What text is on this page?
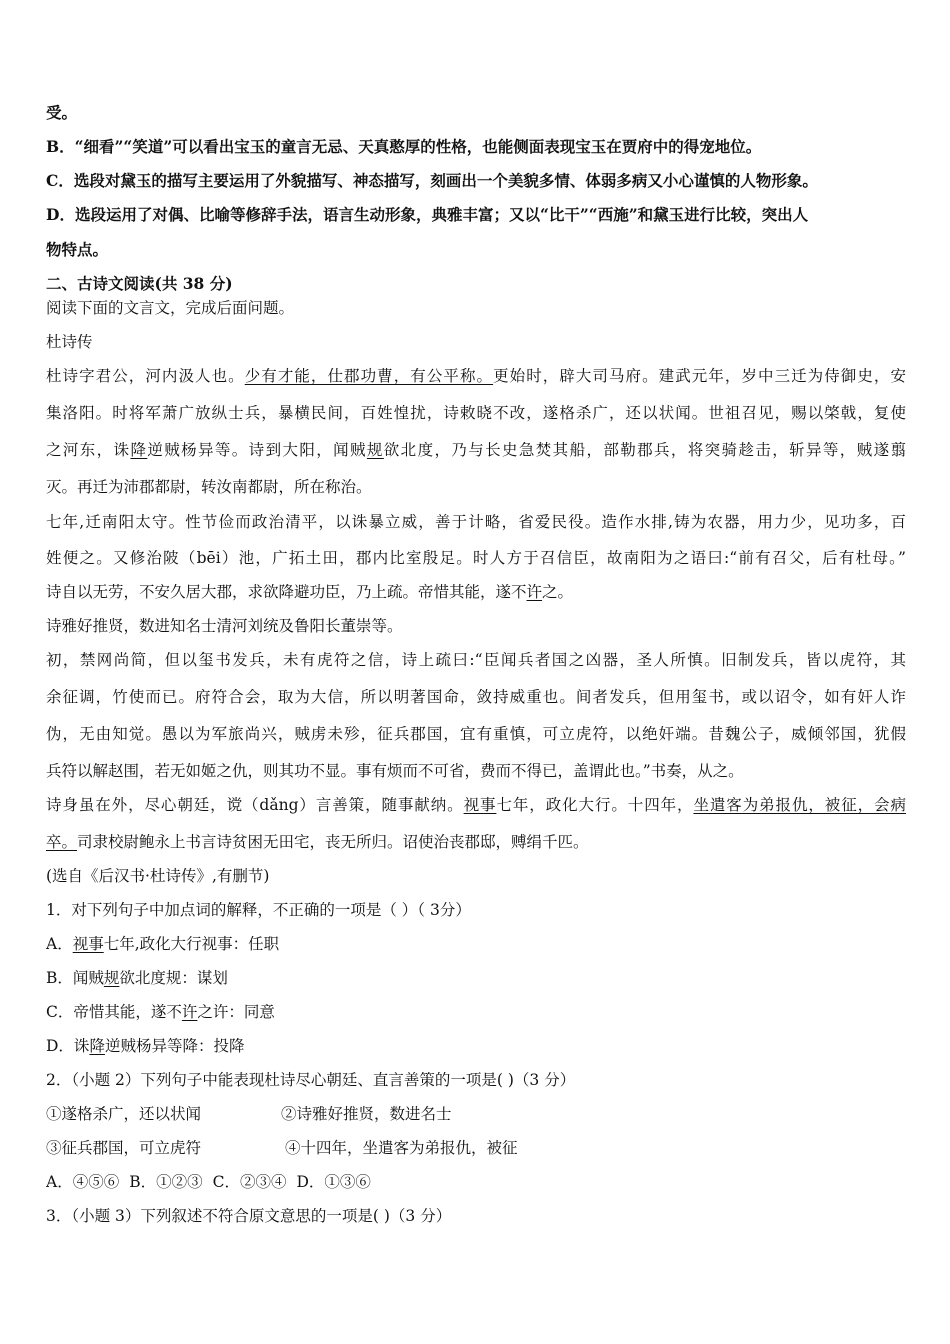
受。
B．“细看”“笑道”可以看出宝玉的童言无忌、天真憨厚的性格，也能侧面表现宝玉在贾府中的得宠地位。
C．选段对黛玉的描写主要运用了外貌描写、神态描写，刻画出一个美貌多情、体弱多病又小心谨慎的人物形象。
D．选段运用了对偶、比喻等修辞手法，语言生动形象，典雅丰富；又以“比干”“西施”和黛玉进行比较，突出人
物特点。
二、古诗文阅读(共 38 分)
阅读下面的文言文，完成后面问题。
杜诗传
杜诗字君公，河内汲人也。少有才能，仕郡功曹，有公平称。更始时，辟大司马府。建武元年，岁中三迁为侍御史，安
集洛阳。时将军萧广放纵士兵，暴横民间，百姓惶扰，诗敕晓不改，遂格杀广，还以状闻。世祖召见，赐以棨戟，复使
之河东，诛降逆贼杨异等。诗到大阳，闻贼规欲北度，乃与长史急焚其船，部勒郡兵，将突骑趁击，斩异等，贼遂翦
灭。再迁为沛郡都尉，转汝南都尉，所在称治。
七年,迁南阳太守。性节俭而政治清平，以诛暴立威，善于计略，省爱民役。造作水排,铸为农器，用力少，见功多，百
姓便之。又修治陂（bēi）池，广拓土田，郡内比室殷足。时人方于召信臣，故南阳为之语曰:“前有召父，后有杜母。”
诗自以无劳，不安久居大郡，求欲降避功臣，乃上疏。帝惜其能，遂不许之。
诗雅好推贤，数进知名士清河刘统及鲁阳长董崇等。
初，禁网尚简，但以玺书发兵，未有虎符之信，诗上疏曰:“臣闻兵者国之凶器，圣人所慎。旧制发兵，皆以虎符，其
余征调，竹使而已。府符合会，取为大信，所以明著国命，敛持威重也。间者发兵，但用玺书，或以诏令，如有奸人诈
伪，无由知觉。愚以为军旅尚兴，贼虏未殄，征兵郡国，宜有重慎，可立虎符，以绝奸端。昔魏公子，威倾邻国，犹假
兵符以解赵围，若无如姬之仇，则其功不显。事有烦而不可省，费而不得已，盖谓此也。”书奏，从之。
诗身虽在外，尽心朝廷，谠（dǎng）言善策，随事献纳。视事七年，政化大行。十四年，坐遣客为弟报仇，被征，会病
卒。司隶校尉鲍永上书言诗贫困无田宅，丧无所归。诏使治丧郡邸，赙绢千匹。
(选自《后汉书·杜诗传》,有删节)
1．对下列句子中加点词的解释，不正确的一项是（ ）（ 3分）
A．视事七年,政化大行视事：任职
B．闻贼规欲北度规：谋划
C．帝惜其能，遂不许之许：同意
D．诛降逆贼杨异等降：投降
2．（小题 2）下列句子中能表现杜诗尽心朝廷、直言善策的一项是( )（3 分）
①遂格杀广，还以状闻	②诗雅好推贤，数进名士
③征兵郡国，可立虎符	④十四年，坐遣客为弟报仇，被征
A．④⑤⑥ B．①②③ C．②③④ D．①③⑥
3．（小题 3）下列叙述不符合原文意思的一项是( )（3 分）
